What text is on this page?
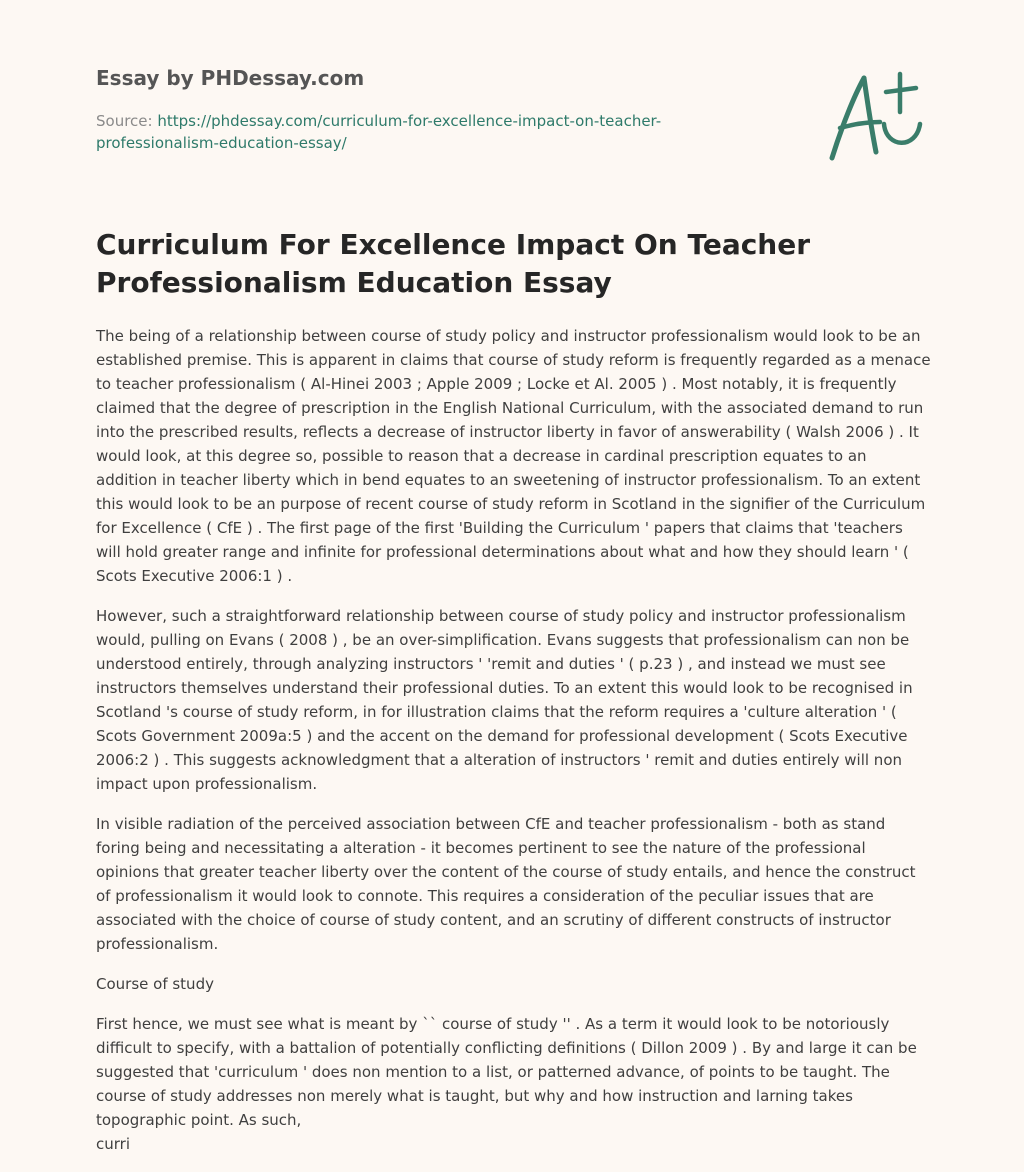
Essay by PHDessay.com
Source: https://phdessay.com/curriculum-for-excellence-impact-on-teacher-professionalism-education-essay/
Curriculum For Excellence Impact On Teacher Professionalism Education Essay

The being of a relationship between course of study policy and instructor professionalism would look to be an established premise. This is apparent in claims that course of study reform is frequently regarded as a menace to teacher professionalism ( Al-Hinei 2003 ; Apple 2009 ; Locke et Al. 2005 ) . Most notably, it is frequently claimed that the degree of prescription in the English National Curriculum, with the associated demand to run into the prescribed results, reflects a decrease of instructor liberty in favor of answerability ( Walsh 2006 ) . It would look, at this degree so, possible to reason that a decrease in cardinal prescription equates to an addition in teacher liberty which in bend equates to an sweetening of instructor professionalism. To an extent this would look to be an purpose of recent course of study reform in Scotland in the signifier of the Curriculum for Excellence ( CfE ) . The first page of the first 'Building the Curriculum ' papers that claims that 'teachers will hold greater range and infinite for professional determinations about what and how they should learn ' ( Scots Executive 2006:1 ) .

However, such a straightforward relationship between course of study policy and instructor professionalism would, pulling on Evans ( 2008 ) , be an over-simplification. Evans suggests that professionalism can non be understood entirely, through analyzing instructors ' 'remit and duties ' ( p.23 ) , and instead we must see instructors themselves understand their professional duties. To an extent this would look to be recognised in Scotland 's course of study reform, in for illustration claims that the reform requires a 'culture alteration ' ( Scots Government 2009a:5 ) and the accent on the demand for professional development ( Scots Executive 2006:2 ) . This suggests acknowledgment that a alteration of instructors ' remit and duties entirely will non impact upon professionalism.

In visible radiation of the perceived association between CfE and teacher professionalism - both as stand foring being and necessitating a alteration - it becomes pertinent to see the nature of the professional opinions that greater teacher liberty over the content of the course of study entails, and hence the construct of professionalism it would look to connote. This requires a consideration of the peculiar issues that are associated with the choice of course of study content, and an scrutiny of different constructs of instructor professionalism.

Course of study

First hence, we must see what is meant by `` course of study '' . As a term it would look to be notoriously difficult to specify, with a battalion of potentially conflicting definitions ( Dillon 2009 ) . By and large it can be suggested that 'curriculum ' does non mention to a list, or patterned advance, of points to be taught. The course of study addresses non merely what is taught, but why and how instruction and larning takes topographic point. As such,
curri
